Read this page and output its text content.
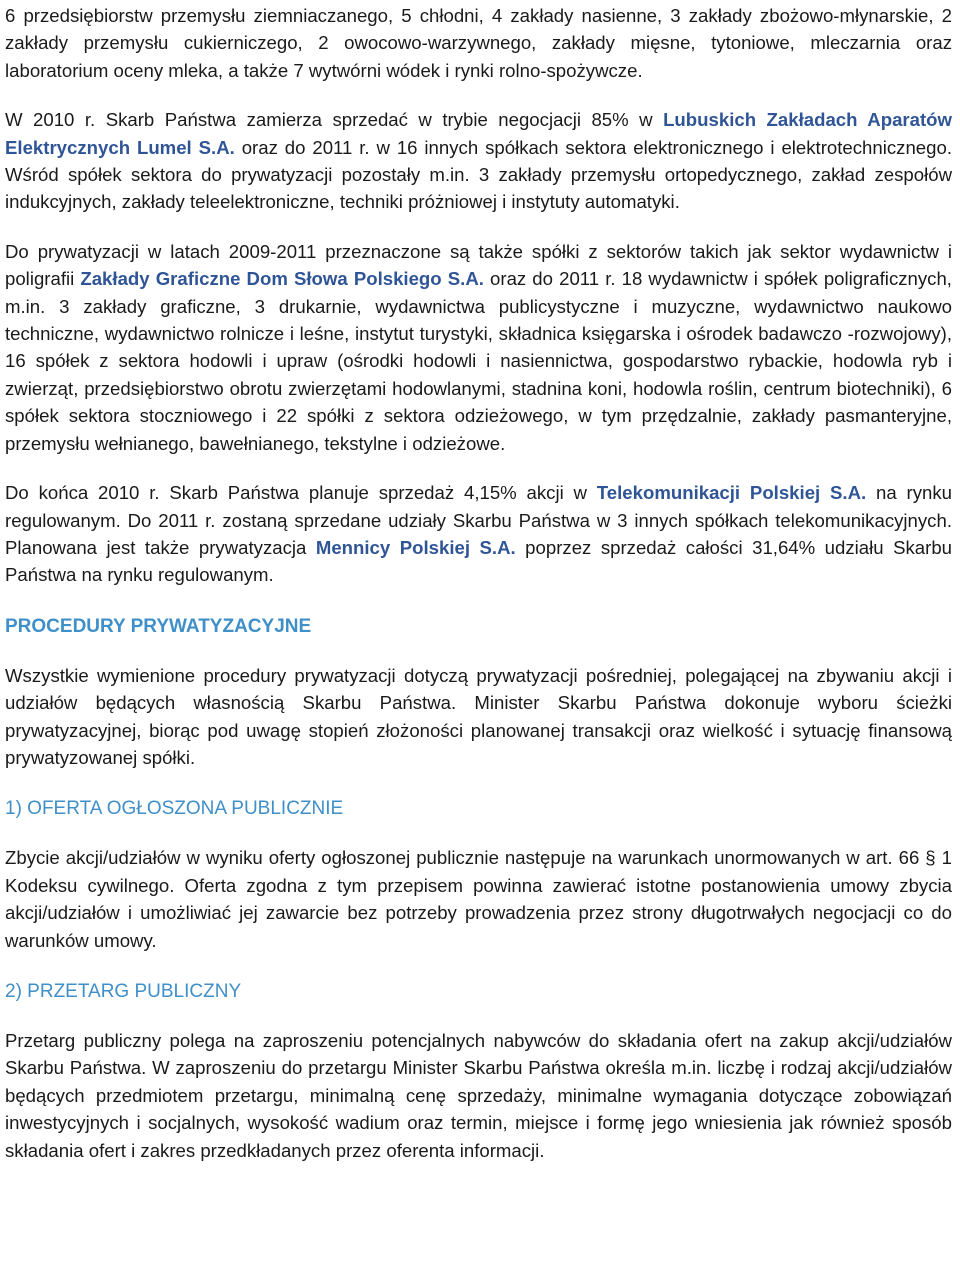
6 przedsiębiorstw przemysłu ziemniaczanego, 5 chłodni, 4 zakłady nasienne, 3 zakłady zbożowo-młynarskie, 2 zakłady przemysłu cukierniczego, 2 owocowo-warzywnego, zakłady mięsne, tytoniowe, mleczarnia oraz laboratorium oceny mleka, a także 7 wytwórni wódek i rynki rolno-spożywcze.

W 2010 r. Skarb Państwa zamierza sprzedać w trybie negocjacji 85% w Lubuskich Zakładach Aparatów Elektrycznych Lumel S.A. oraz do 2011 r. w 16 innych spółkach sektora elektronicznego i elektrotechnicznego. Wśród spółek sektora do prywatyzacji pozostały m.in. 3 zakłady przemysłu ortopedycznego, zakład zespołów indukcyjnych, zakłady teleelektroniczne, techniki próżniowej i instytuty automatyki.

Do prywatyzacji w latach 2009-2011 przeznaczone są także spółki z sektorów takich jak sektor wydawnictw i poligrafii Zakłady Graficzne Dom Słowa Polskiego S.A. oraz do 2011 r. 18 wydawnictw i spółek poligraficznych, m.in. 3 zakłady graficzne, 3 drukarnie, wydawnictwa publicystyczne i muzyczne, wydawnictwo naukowo techniczne, wydawnictwo rolnicze i leśne, instytut turystyki, składnica księgarska i ośrodek badawczo -rozwojowy), 16 spółek z sektora hodowli i upraw (ośrodki hodowli i nasiennictwa, gospodarstwo rybackie, hodowla ryb i zwierząt, przedsiębiorstwo obrotu zwierzętami hodowlanymi, stadnina koni, hodowla roślin, centrum biotechniki), 6 spółek sektora stoczniowego i 22 spółki z sektora odzieżowego, w tym przędzalnie, zakłady pasmanteryjne, przemysłu wełnianego, bawełnianego, tekstylne i odzieżowe.

Do końca 2010 r. Skarb Państwa planuje sprzedaż 4,15% akcji w Telekomunikacji Polskiej S.A. na rynku regulowanym. Do 2011 r. zostaną sprzedane udziały Skarbu Państwa w 3 innych spółkach telekomunikacyjnych. Planowana jest także prywatyzacja Mennicy Polskiej S.A. poprzez sprzedaż całości 31,64% udziału Skarbu Państwa na rynku regulowanym.

PROCEDURY PRYWATYZACYJNE

Wszystkie wymienione procedury prywatyzacji dotyczą prywatyzacji pośredniej, polegającej na zbywaniu akcji i udziałów będących własnością Skarbu Państwa. Minister Skarbu Państwa dokonuje wyboru ścieżki prywatyzacyjnej, biorąc pod uwagę stopień złożoności planowanej transakcji oraz wielkość i sytuację finansową prywatyzowanej spółki.

1) OFERTA OGŁOSZONA PUBLICZNIE

Zbycie akcji/udziałów w wyniku oferty ogłoszonej publicznie następuje na warunkach unormowanych w art. 66 § 1 Kodeksu cywilnego. Oferta zgodna z tym przepisem powinna zawierać istotne postanowienia umowy zbycia akcji/udziałów i umożliwiać jej zawarcie bez potrzeby prowadzenia przez strony długotrwałych negocjacji co do warunków umowy.

2) PRZETARG PUBLICZNY

Przetarg publiczny polega na zaproszeniu potencjalnych nabywców do składania ofert na zakup akcji/udziałów Skarbu Państwa. W zaproszeniu do przetargu Minister Skarbu Państwa określa m.in. liczbę i rodzaj akcji/udziałów będących przedmiotem przetargu, minimalną cenę sprzedaży, minimalne wymagania dotyczące zobowiązań inwestycyjnych i socjalnych, wysokość wadium oraz termin, miejsce i formę jego wniesienia jak również sposób składania ofert i zakres przedkładanych przez oferenta informacji.
